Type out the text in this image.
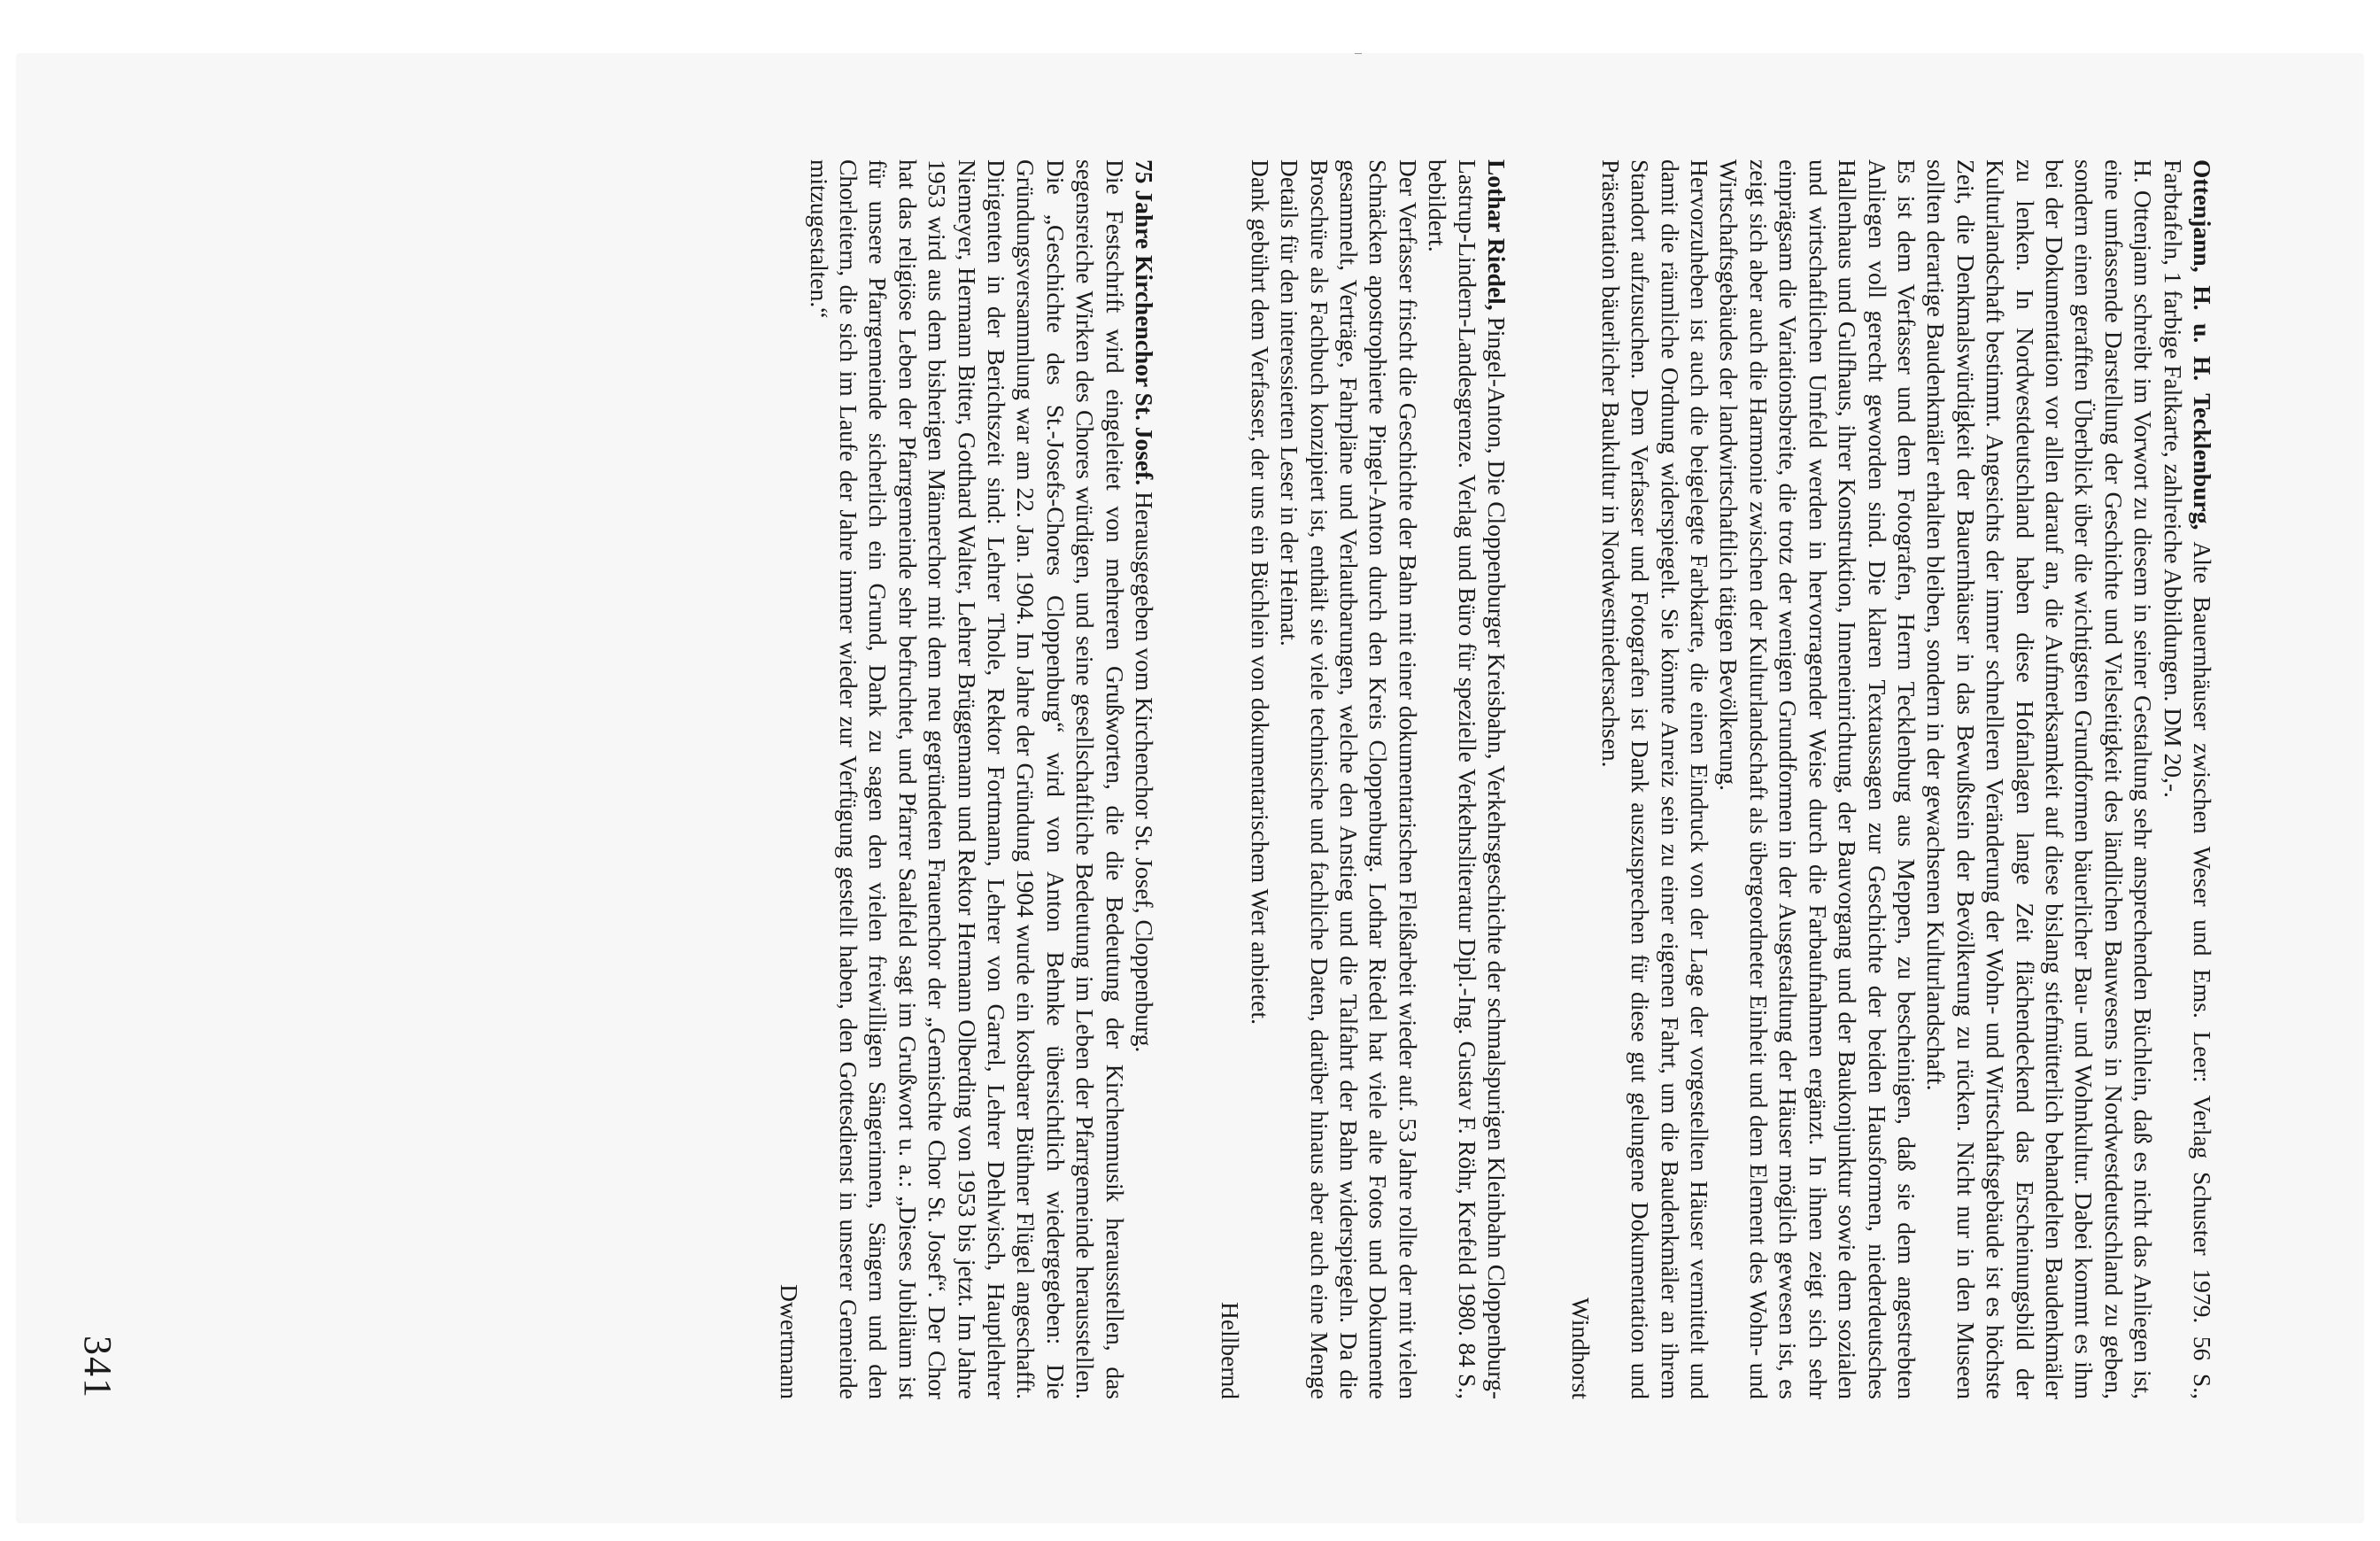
Ottenjann, H. u. H. Tecklenburg, Alte Bauernhäuser zwischen Weser und Ems. Leer: Verlag Schuster 1979. 56 S., Farbtafeln, 1 farbige Faltkarte, zahlreiche Abbildungen. DM 20,-.

H. Ottenjann schreibt im Vorwort zu diesem in seiner Gestaltung sehr ansprechenden Büchlein, daß es nicht das Anliegen ist, eine umfassende Darstellung der Geschichte und Vielseitigkeit des ländlichen Bauwesens in Nordwestdeutschland zu geben, sondern einen gerafften Überblick über die wichtigsten Grundformen bäuerlicher Bau- und Wohnkultur. Dabei kommt es ihm bei der Dokumentation vor allen darauf an, die Aufmerksamkeit auf diese bislang stiefmütterlich behandelten Baudenkmäler zu lenken. In Nordwestdeutschland haben diese Hofanlagen lange Zeit flächendeckend das Erscheinungsbild der Kulturlandschaft bestimmt. Angesichts der immer schnelleren Veränderung der Wohn- und Wirtschaftsgebäude ist es höchste Zeit, die Denkmalswürdigkeit der Bauernhäuser in das Bewußtsein der Bevölkerung zu rücken. Nicht nur in den Museen sollten derartige Baudenkmäler erhalten bleiben, sondern in der gewachsenen Kulturlandschaft.

Es ist dem Verfasser und dem Fotografen, Herrn Tecklenburg aus Meppen, zu bescheinigen, daß sie dem angestrebten Anliegen voll gerecht geworden sind. Die klaren Textaussagen zur Geschichte der beiden Hausformen, niederdeutsches Hallenhaus und Gulfhaus, ihrer Konstruktion, Inneneinrichtung, der Bauvorgang und der Baukonjunktur sowie dem sozialen und wirtschaftlichen Umfeld werden in hervorragender Weise durch die Farbaufnahmen ergänzt. In ihnen zeigt sich sehr einprägsam die Variationsbreite, die trotz der wenigen Grundformen in der Ausgestaltung der Häuser möglich gewesen ist, es zeigt sich aber auch die Harmonie zwischen der Kulturlandschaft als übergeordneter Einheit und dem Element des Wohn- und Wirtschaftsgebäudes der landwirtschaftlich tätigen Bevölkerung.

Hervorzuheben ist auch die beigelegte Farbkarte, die einen Eindruck von der Lage der vorgestellten Häuser vermittelt und damit die räumliche Ordnung widerspiegelt. Sie könnte Anreiz sein zu einer eigenen Fahrt, um die Baudenkmäler an ihrem Standort aufzusuchen. Dem Verfasser und Fotografen ist Dank auszusprechen für diese gut gelungene Dokumentation und Präsentation bäuerlicher Baukultur in Nordwestniedersachsen.

Windhorst

Lothar Riedel, Pingel-Anton, Die Cloppenburger Kreisbahn, Verkehrsgeschichte der schmalspurigen Kleinbahn Cloppenburg-Lastrup-Lindern-Landesgrenze. Verlag und Büro für spezielle Verkehrsliteratur Dipl.-Ing. Gustav F. Röhr, Krefeld 1980. 84 S., bebildert.

Der Verfasser frischt die Geschichte der Bahn mit einer dokumentarischen Fleißarbeit wieder auf. 53 Jahre rollte der mit vielen Schnäcken apostrophierte Pingel-Anton durch den Kreis Cloppenburg. Lothar Riedel hat viele alte Fotos und Dokumente gesammelt, Verträge, Fahrpläne und Verlautbarungen, welche den Anstieg und die Talfahrt der Bahn widerspiegeln. Da die Broschüre als Fachbuch konzipiert ist, enthält sie viele technische und fachliche Daten, darüber hinaus aber auch eine Menge Details für den interessierten Leser in der Heimat.

Dank gebührt dem Verfasser, der uns ein Büchlein von dokumentarischem Wert anbietet.

Hellbernd

75 Jahre Kirchenchor St. Josef. Herausgegeben vom Kirchenchor St. Josef, Cloppenburg.

Die Festschrift wird eingeleitet von mehreren Grußworten, die die Bedeutung der Kirchenmusik herausstellen, das segensreiche Wirken des Chores würdigen, und seine gesellschaftliche Bedeutung im Leben der Pfarrgemeinde herausstellen. Die „Geschichte des St.-Josefs-Chores Cloppenburg“ wird von Anton Behnke übersichtlich wiedergegeben: Die Gründungsversammlung war am 22. Jan. 1904. Im Jahre der Gründung 1904 wurde ein kostbarer Büthner Flügel angeschafft. Dirigenten in der Berichtszeit sind: Lehrer Thole, Rektor Fortmann, Lehrer von Garrel, Lehrer Dehlwisch, Hauptlehrer Niemeyer, Hermann Bitter, Gotthard Walter, Lehrer Brüggemann und Rektor Hermann Olberding von 1953 bis jetzt. Im Jahre 1953 wird aus dem bisherigen Männerchor mit dem neu gegründeten Frauenchor der „Gemischte Chor St. Josef“. Der Chor hat das religiöse Leben der Pfarrgemeinde sehr befruchtet, und Pfarrer Saalfeld sagt im Grußwort u. a.: „Dieses Jubiläum ist für unsere Pfarrgemeinde sicherlich ein Grund, Dank zu sagen den vielen freiwilligen Sängerinnen, Sängern und den Chorleitern, die sich im Laufe der Jahre immer wieder zur Verfügung gestellt haben, den Gottesdienst in unserer Gemeinde mitzugestalten.“

Dwertmann

341
